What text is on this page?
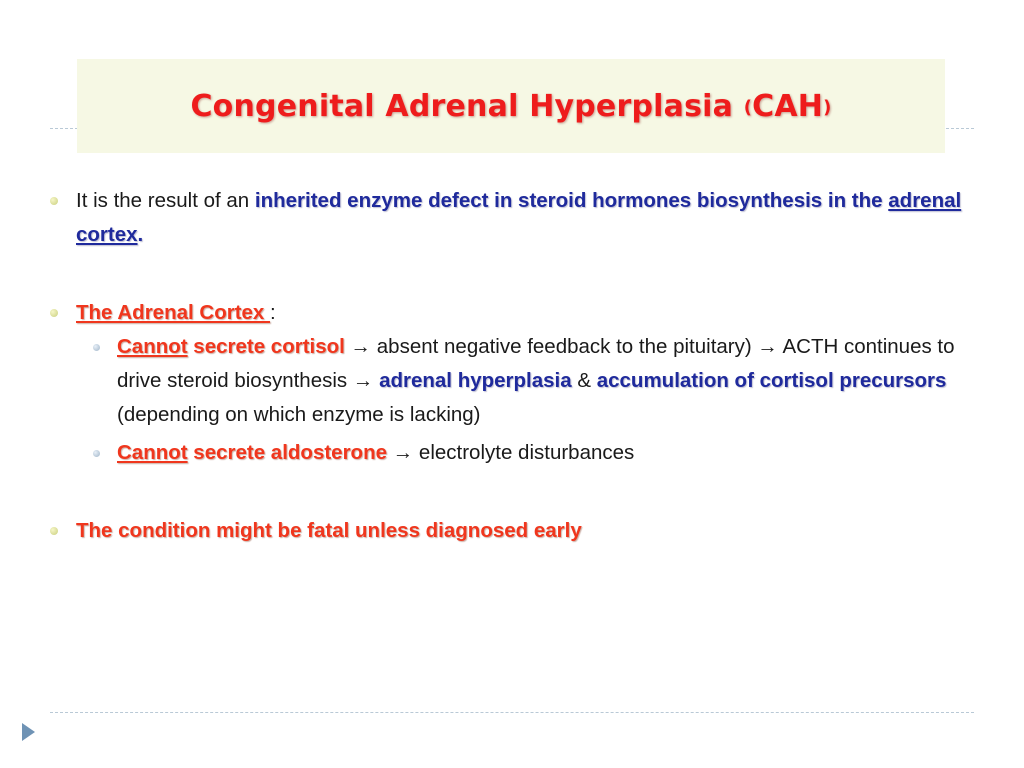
Congenital Adrenal Hyperplasia (CAH)
It is the result of an inherited enzyme defect in steroid hormones biosynthesis in the adrenal cortex.
The Adrenal Cortex :
Cannot secrete cortisol → absent negative feedback to the pituitary) → ACTH continues to drive steroid biosynthesis → adrenal hyperplasia & accumulation of cortisol precursors (depending on which enzyme is lacking)
Cannot secrete aldosterone → electrolyte disturbances
The condition might be fatal unless diagnosed early
